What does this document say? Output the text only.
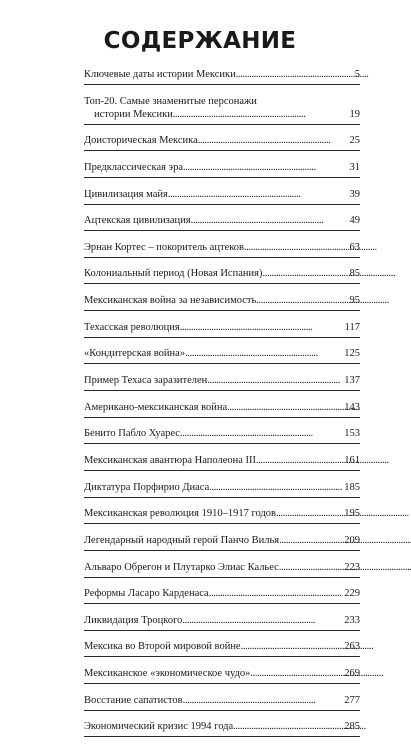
СОДЕРЖАНИЕ
Ключевые даты истории Мексики . . .	5
Топ-20. Самые знаменитые персонажи
истории Мексики . . .	19
Доисторическая Мексика . . .	25
Предклассическая эра . . .	31
Цивилизация майя . . .	39
Ацтекская цивилизация . . .	49
Эрнан Кортес – покоритель ацтеков . . .	63
Колониальный период (Новая Испания) . . .	85
Мексиканская война за независимость . . .	95
Техасская революция . . .	117
«Кондитерская война» . . .	125
Пример Техаса заразителен . . .	137
Американо-мексиканская война . . .	143
Бенито Пабло Хуарес . . .	153
Мексиканская авантюра Наполеона III . . .	161
Диктатура Порфирио Диаса . . .	185
Мексиканская революция 1910–1917 годов . . .	195
Легендарный народный герой Панчо Вилья . . .	209
Альваро Обрегон и Плутарко Элиас Кальес . . .	223
Реформы Ласаро Карденаса . . .	229
Ликвидация Троцкого . . .	233
Мексика во Второй мировой войне . . .	263
Мексиканское «экономическое чудо» . . .	269
Восстание сапатистов . . .	277
Экономический кризис 1994 года . . .	285
